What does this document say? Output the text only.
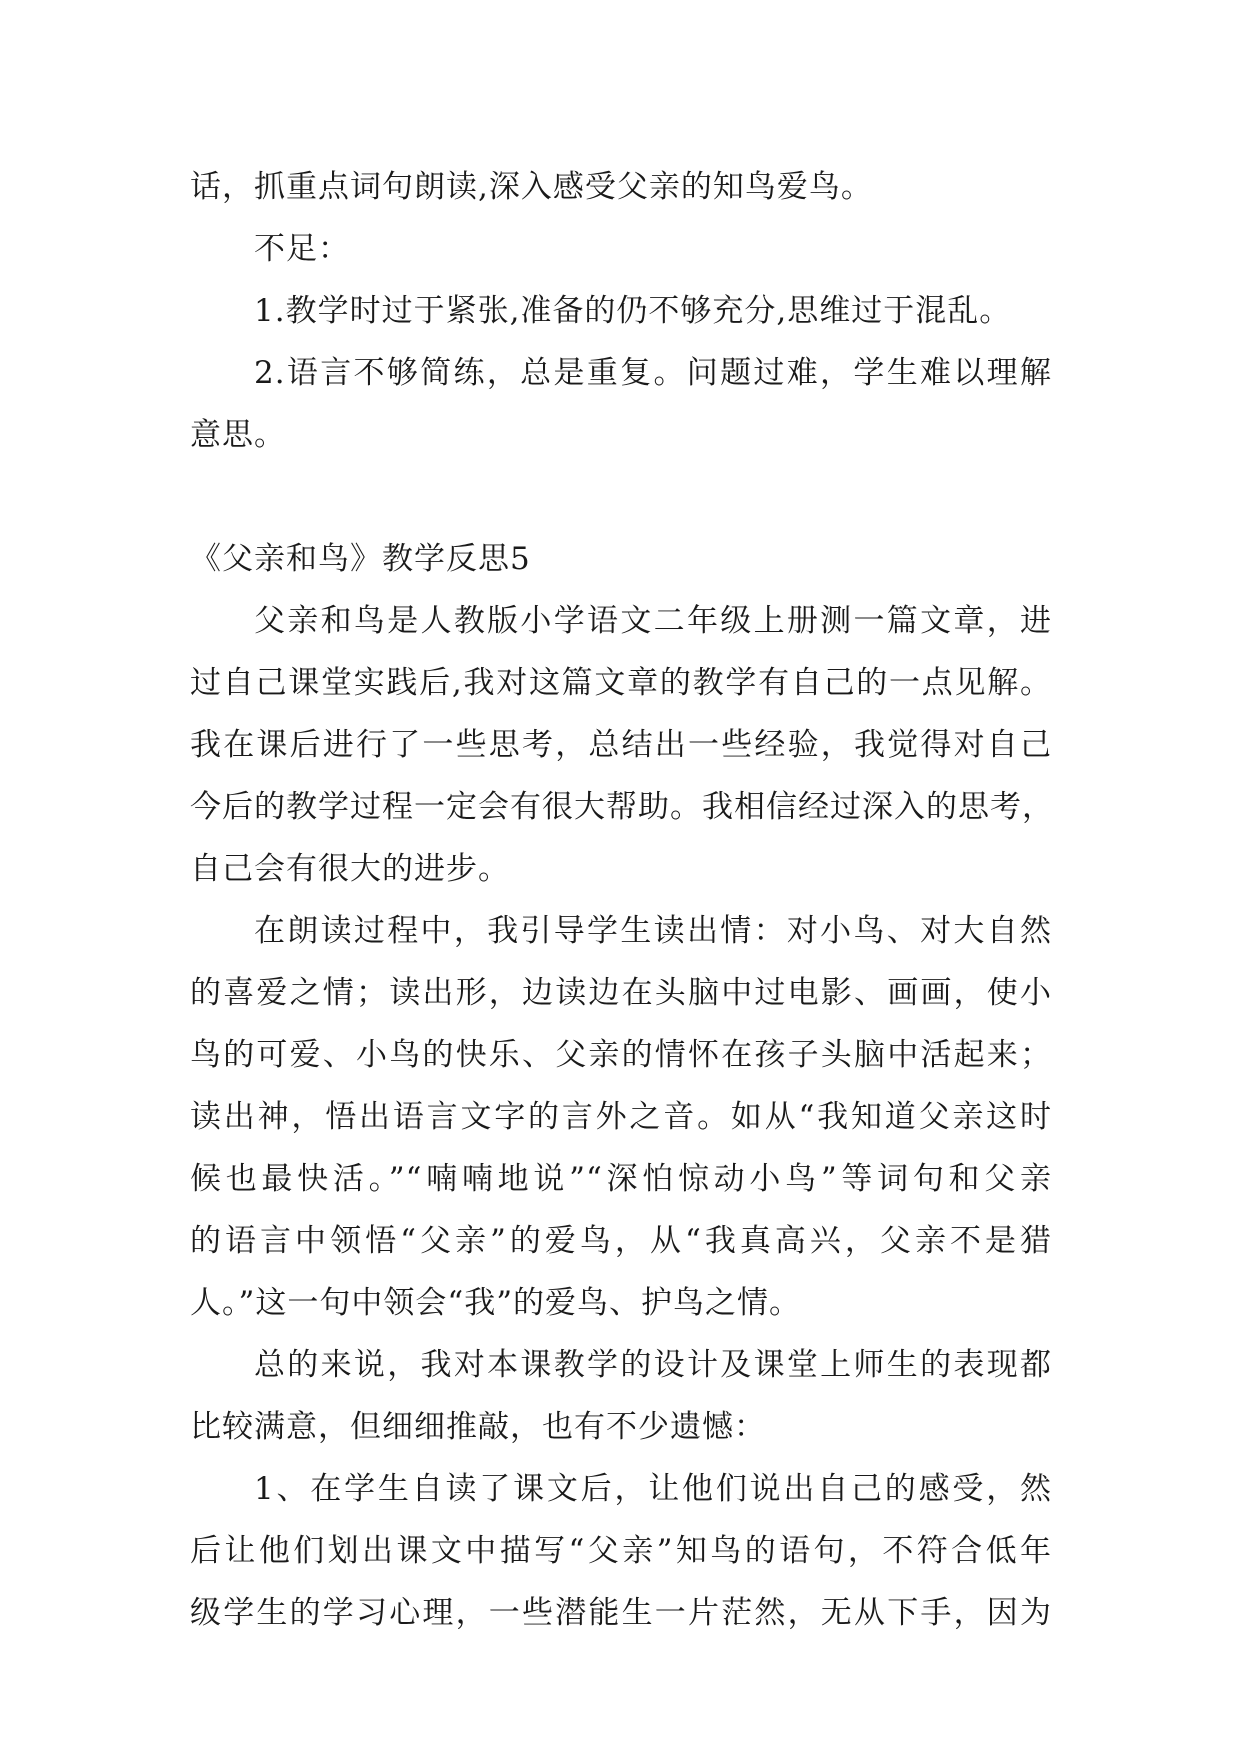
话，抓重点词句朗读,深入感受父亲的知鸟爱鸟。
不足：
1.教学时过于紧张,准备的仍不够充分,思维过于混乱。
2.语言不够简练，总是重复。问题过难，学生难以理解
意思。
《父亲和鸟》教学反思5
父亲和鸟是人教版小学语文二年级上册测一篇文章，进
过自己课堂实践后,我对这篇文章的教学有自己的一点见解。
我在课后进行了一些思考，总结出一些经验，我觉得对自己
今后的教学过程一定会有很大帮助。我相信经过深入的思考，
自己会有很大的进步。
在朗读过程中，我引导学生读出情：对小鸟、对大自然
的喜爱之情；读出形，边读边在头脑中过电影、画画，使小
鸟的可爱、小鸟的快乐、父亲的情怀在孩子头脑中活起来；
读出神，悟出语言文字的言外之音。如从“我知道父亲这时
候也最快活。”“喃喃地说”“深怕惊动小鸟”等词句和父亲
的语言中领悟“父亲”的爱鸟，从“我真高兴，父亲不是猎
人。”这一句中领会“我”的爱鸟、护鸟之情。
总的来说，我对本课教学的设计及课堂上师生的表现都
比较满意，但细细推敲，也有不少遗憾：
1、在学生自读了课文后，让他们说出自己的感受，然
后让他们划出课文中描写“父亲”知鸟的语句，不符合低年
级学生的学习心理，一些潜能生一片茫然，无从下手，因为
